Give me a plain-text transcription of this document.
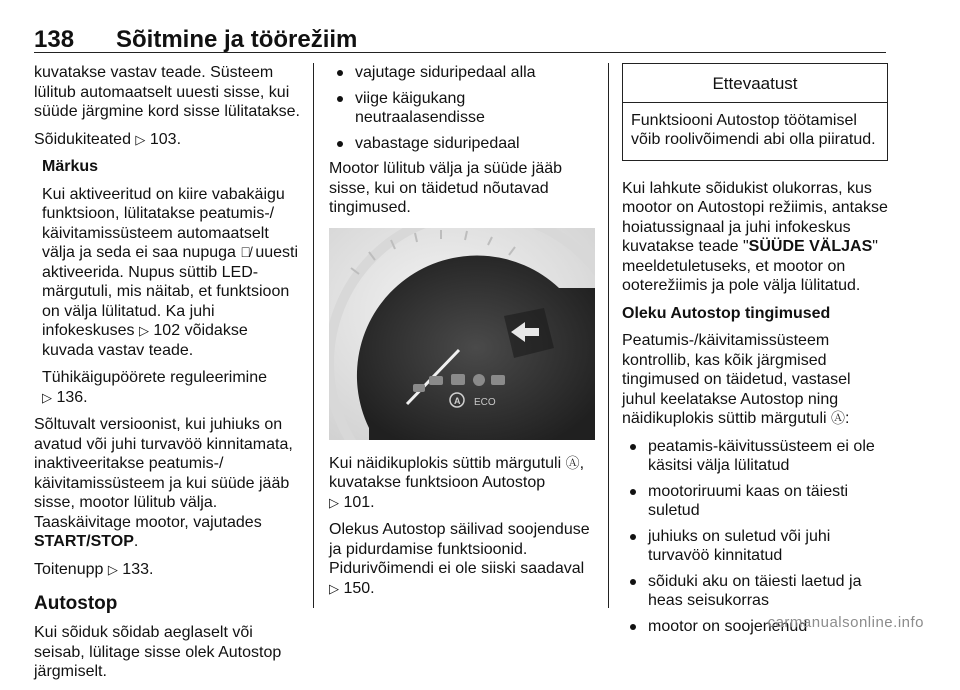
138 Sõitmine ja töörežiim

kuvatakse vastav teade. Süsteem lülitub automaatselt uuesti sisse, kui süüde järgmine kord sisse lülitatakse.

Sõidukiteated ▷ 103.

Märkus

Kui aktiveeritud on kiire vabakäigu funktsioon, lülitatakse peatumis-/ käivitamissüsteem automaatselt välja ja seda ei saa nupuga Ⓐ̸ uuesti aktiveerida. Nupus süttib LED-märgutuli, mis näitab, et funktsioon on välja lülitatud. Ka juhi infokeskuses ▷ 102 võidakse kuvada vastav teade.

Tühikäigupöörete reguleerimine
▷ 136.

Sõltuvalt versioonist, kui juhiuks on avatud või juhi turvavöö kinnitamata, inaktiveeritakse peatumis-/ käivitamissüsteem ja kui süüde jääb sisse, mootor lülitub välja. Taaskäivitage mootor, vajutades START/STOP.

Toitenupp ▷ 133.

Autostop

Kui sõiduk sõidab aeglaselt või seisab, lülitage sisse olek Autostop järgmiselt.

vajutage siduripedaal alla
viige käigukang neutraalasendisse
vabastage siduripedaal

Mootor lülitub välja ja süüde jääb sisse, kui on täidetud nõutavad tingimused.

A ECO

Kui näidikuplokis süttib märgutuli Ⓐ, kuvatakse funktsioon Autostop
▷ 101.

Olekus Autostop säilivad soojenduse ja pidurdamise funktsioonid. Pidurivõimendi ei ole siiski saadaval
▷ 150.

Ettevaatust
Funktsiooni Autostop töötamisel võib roolivõimendi abi olla piiratud.

Kui lahkute sõidukist olukorras, kus mootor on Autostopi režiimis, antakse hoiatussignaal ja juhi infokeskus kuvatakse teade "SÜÜDE VÄLJAS" meeldetuletuseks, et mootor on ooterežiimis ja pole välja lülitatud.

Oleku Autostop tingimused

Peatumis-/käivitamissüsteem kontrollib, kas kõik järgmised tingimused on täidetud, vastasel juhul keelatakse Autostop ning näidikuplokis süttib märgutuli Ⓐ:

peatamis-käivitussüsteem ei ole käsitsi välja lülitatud
mootoriruumi kaas on täiesti suletud
juhiuks on suletud või juhi turvavöö kinnitatud
sõiduki aku on täiesti laetud ja heas seisukorras
mootor on soojenenud
carmanualsonline.info
